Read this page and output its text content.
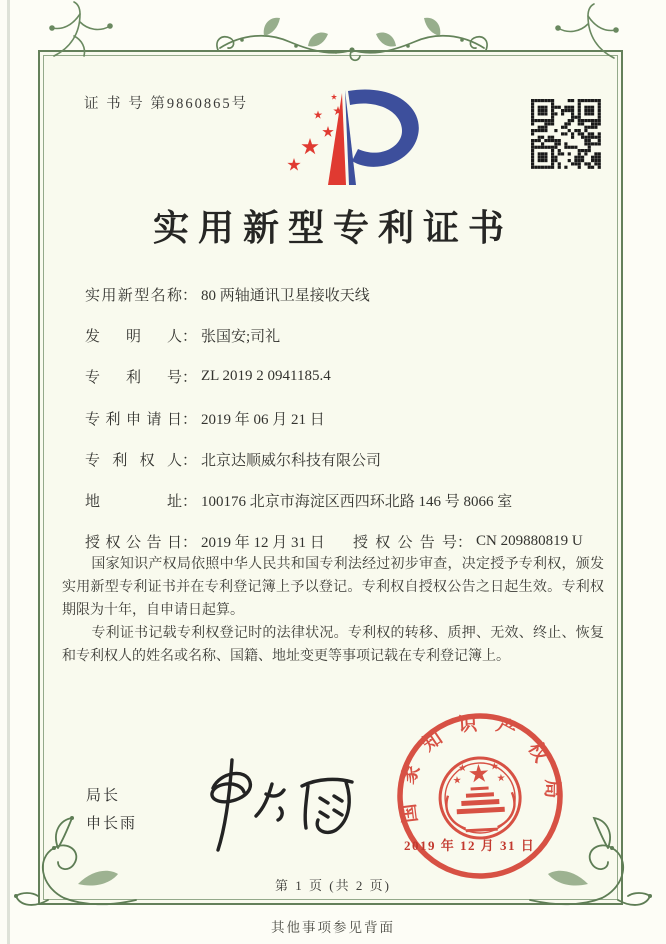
证 书 号 第9860865号
实用新型专利证书
实用新型名称 ： 80 两轴通讯卫星接收天线
发明人 ： 张国安;司礼
专利号 ： ZL 2019 2 0941185.4
专利申请日 ： 2019 年 06 月 21 日
专利权人 ： 北京达顺威尔科技有限公司
地址 ： 100176 北京市海淀区西四环北路 146 号 8066 室
授权公告日 ： 2019 年 12 月 31 日 授权公告号 ： CN 209880819 U

国家知识产权局依照中华人民共和国专利法经过初步审查，决定授予专利权，颁发实用新型专利证书并在专利登记簿上予以登记。专利权自授权公告之日起生效。专利权期限为十年，自申请日起算。

专利证书记载专利权登记时的法律状况。专利权的转移、质押、无效、终止、恢复和专利权人的姓名或名称、国籍、地址变更等事项记载在专利登记簿上。

局长
申长雨
国家知识产权局
2019 年 12 月 31 日
第 1 页 (共 2 页)
其他事项参见背面
